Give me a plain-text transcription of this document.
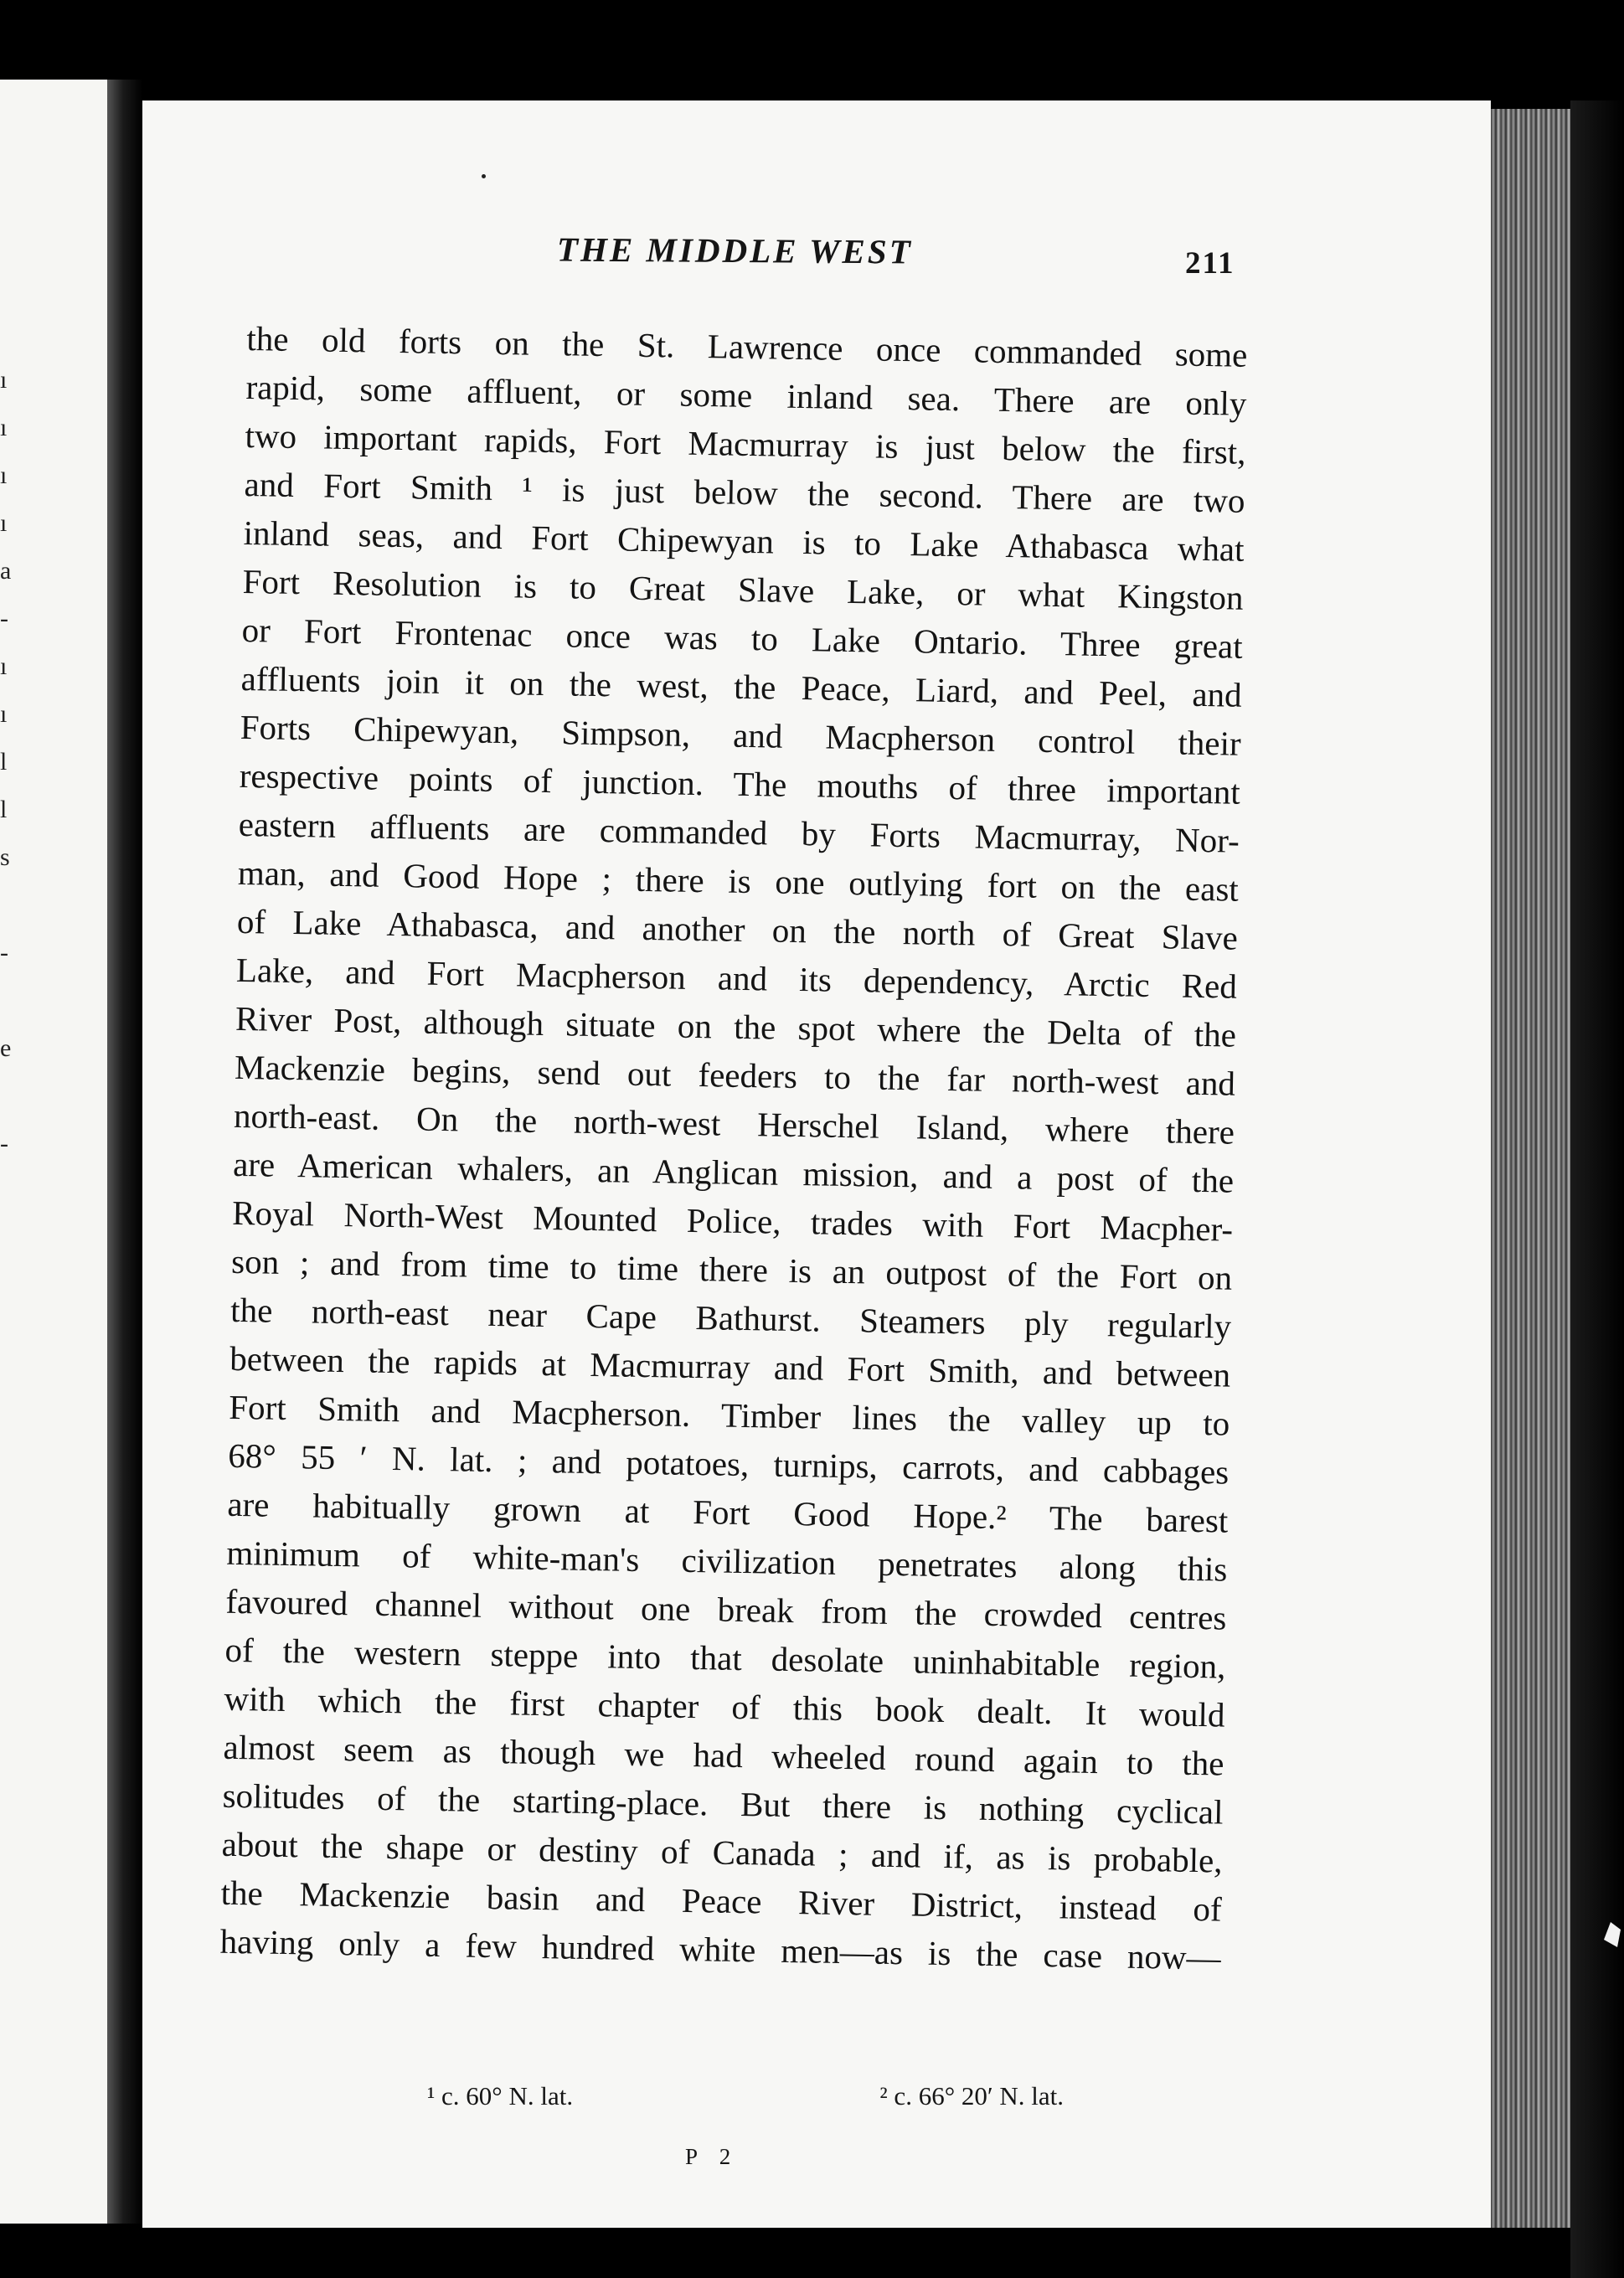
ı
ı
ı
ı
a
-
ı
ı
l
l
s
-
e
-

THE MIDDLE WEST	211

the old forts on the St. Lawrence once commanded some
rapid, some affluent, or some inland sea. There are only
two important rapids, Fort Macmurray is just below the first,
and Fort Smith ¹ is just below the second. There are two
inland seas, and Fort Chipewyan is to Lake Athabasca what
Fort Resolution is to Great Slave Lake, or what Kingston
or Fort Frontenac once was to Lake Ontario. Three great
affluents join it on the west, the Peace, Liard, and Peel, and
Forts Chipewyan, Simpson, and Macpherson control their
respective points of junction. The mouths of three important
eastern affluents are commanded by Forts Macmurray, Nor-
man, and Good Hope ; there is one outlying fort on the east
of Lake Athabasca, and another on the north of Great Slave
Lake, and Fort Macpherson and its dependency, Arctic Red
River Post, although situate on the spot where the Delta of the
Mackenzie begins, send out feeders to the far north-west and
north-east. On the north-west Herschel Island, where there
are American whalers, an Anglican mission, and a post of the
Royal North-West Mounted Police, trades with Fort Macpher-
son ; and from time to time there is an outpost of the Fort on
the north-east near Cape Bathurst. Steamers ply regularly
between the rapids at Macmurray and Fort Smith, and between
Fort Smith and Macpherson. Timber lines the valley up to
68° 55 ′ N. lat. ; and potatoes, turnips, carrots, and cabbages
are habitually grown at Fort Good Hope.² The barest
minimum of white-man's civilization penetrates along this
favoured channel without one break from the crowded centres
of the western steppe into that desolate uninhabitable region,
with which the first chapter of this book dealt. It would
almost seem as though we had wheeled round again to the
solitudes of the starting-place. But there is nothing cyclical
about the shape or destiny of Canada ; and if, as is probable,
the Mackenzie basin and Peace River District, instead of
having only a few hundred white men—as is the case now—
¹ c. 60° N. lat.	² c. 66° 20′ N. lat.

P 2
